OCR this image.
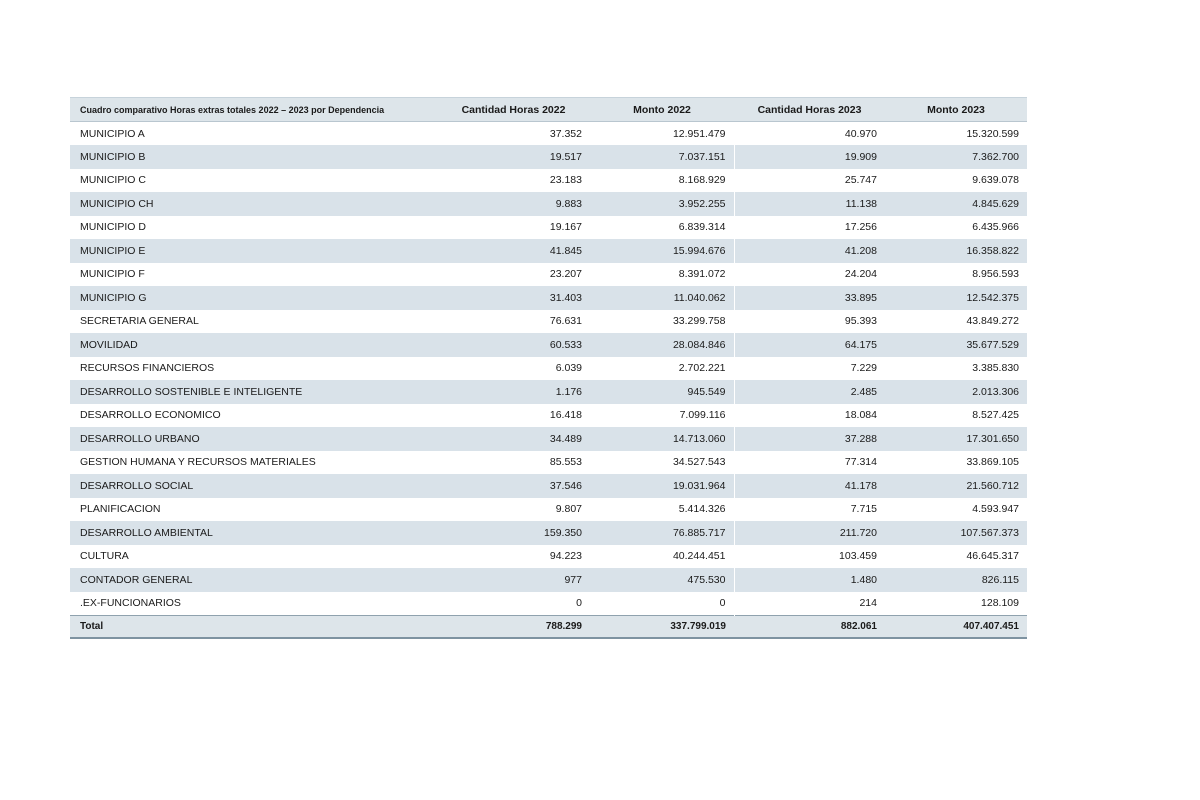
Cuadro comparativo Horas extras totales 2022 – 2023 por Dependencia	Cantidad Horas 2022	Monto 2022	Cantidad Horas 2023	Monto 2023
MUNICIPIO A	37.352	12.951.479	40.970	15.320.599
MUNICIPIO B	19.517	7.037.151	19.909	7.362.700
MUNICIPIO C	23.183	8.168.929	25.747	9.639.078
MUNICIPIO CH	9.883	3.952.255	11.138	4.845.629
MUNICIPIO D	19.167	6.839.314	17.256	6.435.966
MUNICIPIO E	41.845	15.994.676	41.208	16.358.822
MUNICIPIO F	23.207	8.391.072	24.204	8.956.593
MUNICIPIO G	31.403	11.040.062	33.895	12.542.375
SECRETARIA GENERAL	76.631	33.299.758	95.393	43.849.272
MOVILIDAD	60.533	28.084.846	64.175	35.677.529
RECURSOS FINANCIEROS	6.039	2.702.221	7.229	3.385.830
DESARROLLO SOSTENIBLE E INTELIGENTE	1.176	945.549	2.485	2.013.306
DESARROLLO ECONOMICO	16.418	7.099.116	18.084	8.527.425
DESARROLLO URBANO	34.489	14.713.060	37.288	17.301.650
GESTION HUMANA Y RECURSOS MATERIALES	85.553	34.527.543	77.314	33.869.105
DESARROLLO SOCIAL	37.546	19.031.964	41.178	21.560.712
PLANIFICACION	9.807	5.414.326	7.715	4.593.947
DESARROLLO AMBIENTAL	159.350	76.885.717	211.720	107.567.373
CULTURA	94.223	40.244.451	103.459	46.645.317
CONTADOR GENERAL	977	475.530	1.480	826.115
.EX-FUNCIONARIOS	0	0	214	128.109
Total	788.299	337.799.019	882.061	407.407.451
